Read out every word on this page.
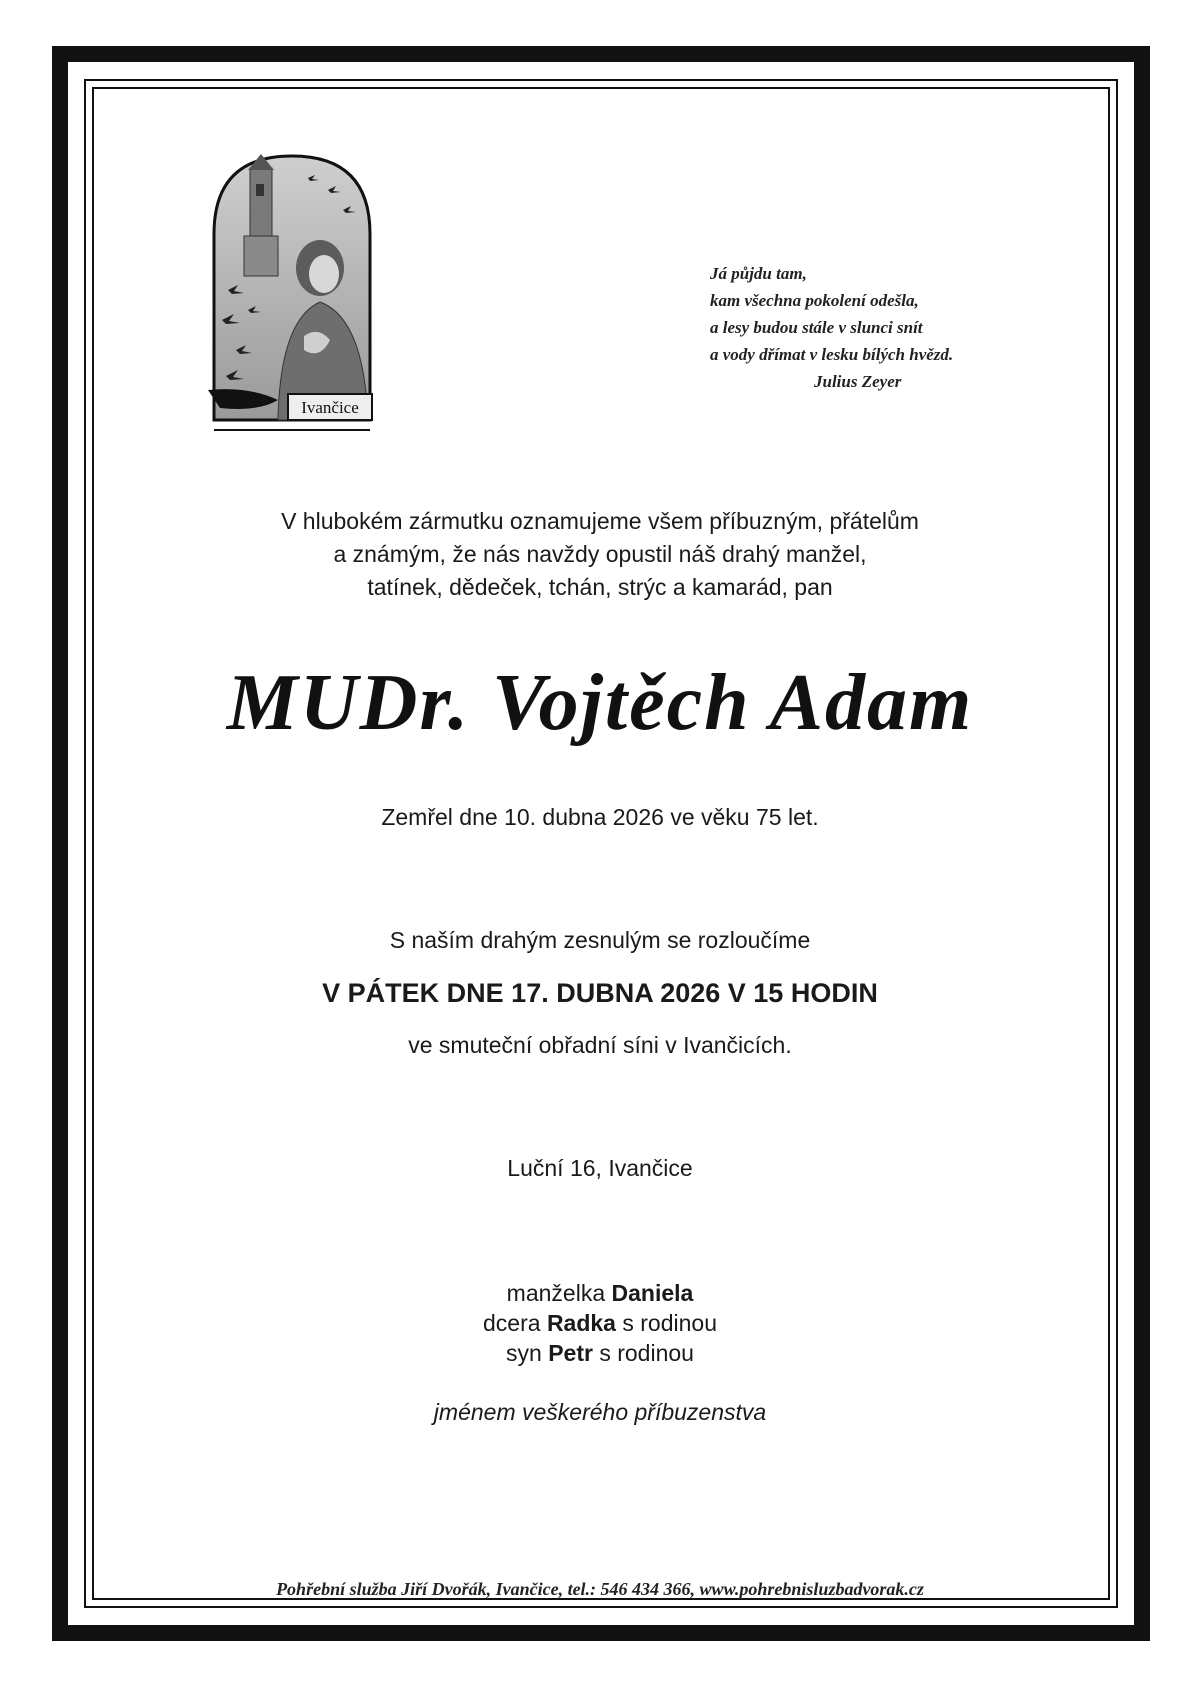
Ivančice
Já půjdu tam,
kam všechna pokolení odešla,
a lesy budou stále v slunci snít
a vody dřímat v lesku bílých hvězd.
Julius Zeyer
V hlubokém zármutku oznamujeme všem příbuzným, přátelům
a známým, že nás navždy opustil náš drahý manžel,
tatínek, dědeček, tchán, strýc a kamarád, pan
MUDr. Vojtěch Adam
Zemřel dne 10. dubna 2026 ve věku 75 let.
S naším drahým zesnulým se rozloučíme
V PÁTEK DNE 17. DUBNA 2026 V 15 HODIN
ve smuteční obřadní síni v Ivančicích.
Luční 16, Ivančice
manželka Daniela
dcera Radka s rodinou
syn Petr s rodinou
jménem veškerého příbuzenstva
Pohřební služba Jiří Dvořák, Ivančice, tel.: 546 434 366, www.pohrebnisluzbadvorak.cz
